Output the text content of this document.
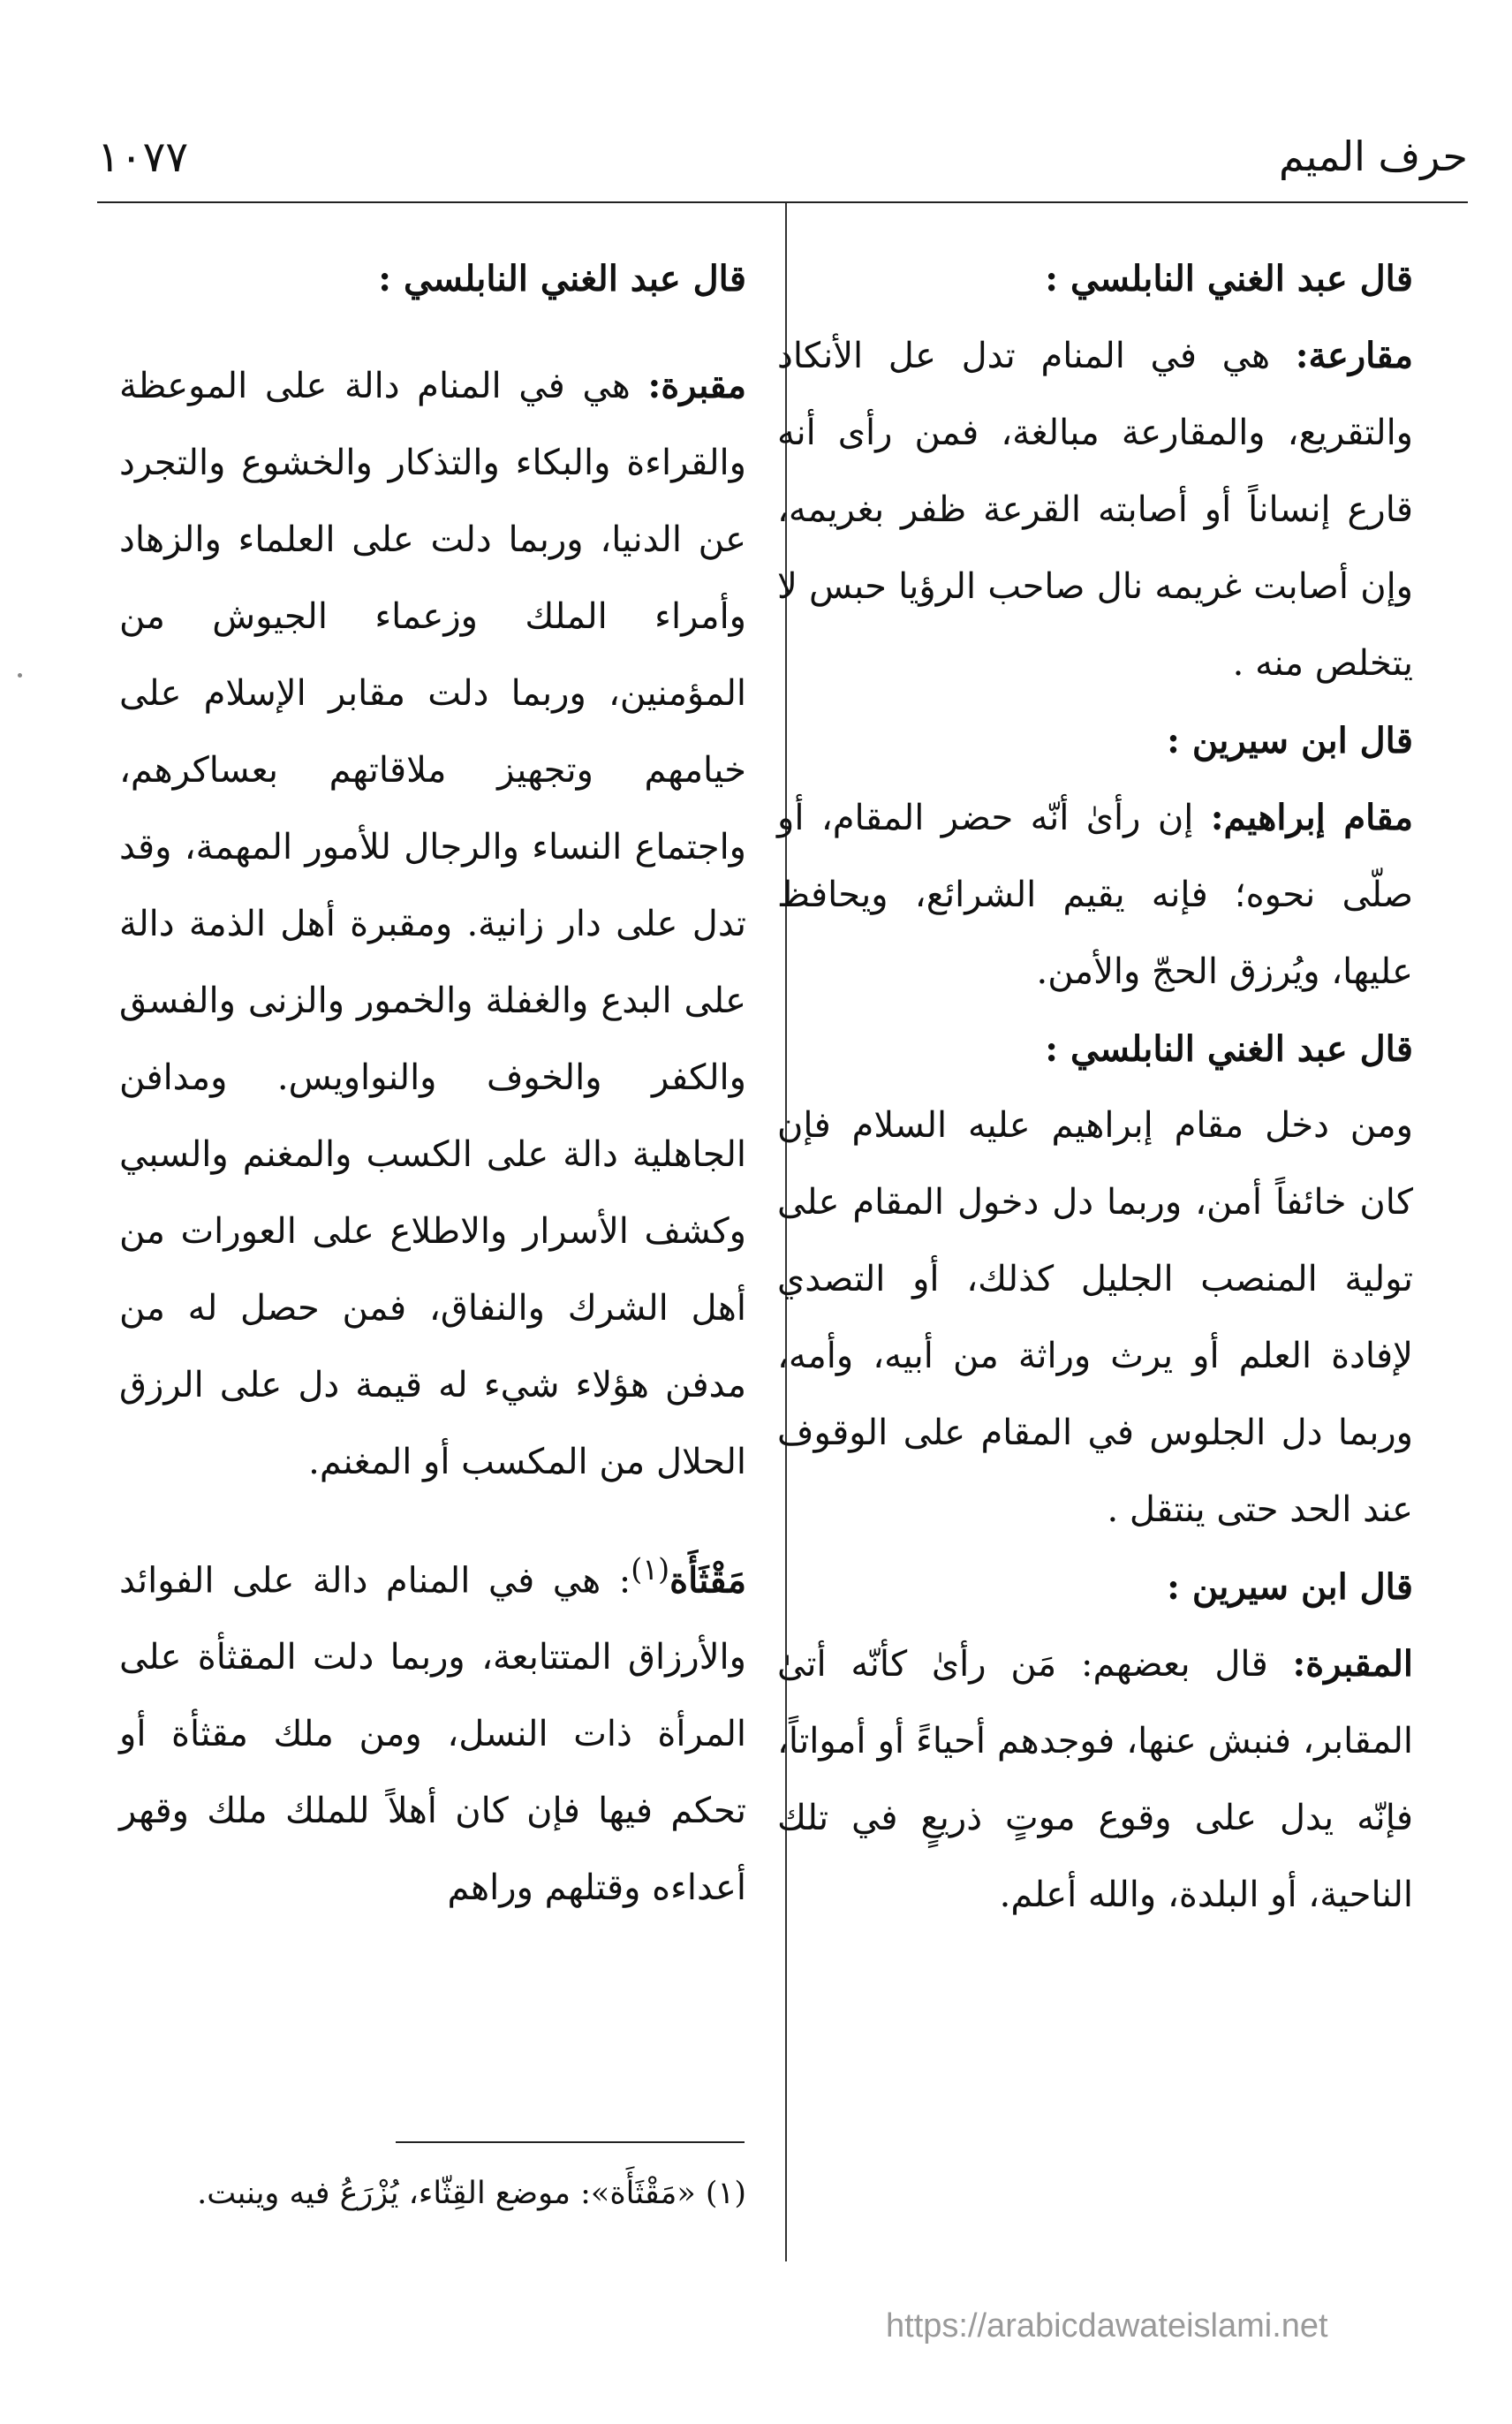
حرف الميم
١٠٧٧

قال عبد الغني النابلسي :

مقارعة: هي في المنام تدل عل الأنكاد والتقريع، والمقارعة مبالغة، فمن رأى أنه قارع إنساناً أو أصابته القرعة ظفر بغريمه، وإن أصابت غريمه نال صاحب الرؤيا حبس لا يتخلص منه .

قال ابن سيرين :

مقام إبراهيم: إن رأىٰ أنّه حضر المقام، أو صلّى نحوه؛ فإنه يقيم الشرائع، ويحافظ عليها، ويُرزق الحجّ والأمن.

قال عبد الغني النابلسي :

ومن دخل مقام إبراهيم عليه السلام فإن كان خائفاً أمن، وربما دل دخول المقام على تولية المنصب الجليل كذلك، أو التصدي لإفادة العلم أو يرث وراثة من أبيه، وأمه، وربما دل الجلوس في المقام على الوقوف عند الحد حتى ينتقل .

قال ابن سيرين :

المقبرة: قال بعضهم: مَن رأىٰ كأنّه أتىٰ المقابر، فنبش عنها، فوجدهم أحياءً أو أمواتاً، فإنّه يدل على وقوع موتٍ ذريعٍ في تلك الناحية، أو البلدة، والله أعلم.

قال عبد الغني النابلسي :

مقبرة: هي في المنام دالة على الموعظة والقراءة والبكاء والتذكار والخشوع والتجرد عن الدنيا، وربما دلت على العلماء والزهاد وأمراء الملك وزعماء الجيوش من المؤمنين، وربما دلت مقابر الإسلام على خيامهم وتجهيز ملاقاتهم بعساكرهم، واجتماع النساء والرجال للأمور المهمة، وقد تدل على دار زانية. ومقبرة أهل الذمة دالة على البدع والغفلة والخمور والزنى والفسق والكفر والخوف والنواويس. ومدافن الجاهلية دالة على الكسب والمغنم والسبي وكشف الأسرار والاطلاع على العورات من أهل الشرك والنفاق، فمن حصل له من مدفن هؤلاء شيء له قيمة دل على الرزق الحلال من المكسب أو المغنم.

مَقْثَأَة$^{(١)}$: هي في المنام دالة على الفوائد والأرزاق المتتابعة، وربما دلت المقثأة على المرأة ذات النسل، ومن ملك مقثأة أو تحكم فيها فإن كان أهلاً للملك ملك وقهر أعداءه وقتلهم وراهم

(١) «مَقْثَأَة»: موضع القِثّاء، يُزْرَعُ فيه وينبت.

https://arabicdawateislami.net
